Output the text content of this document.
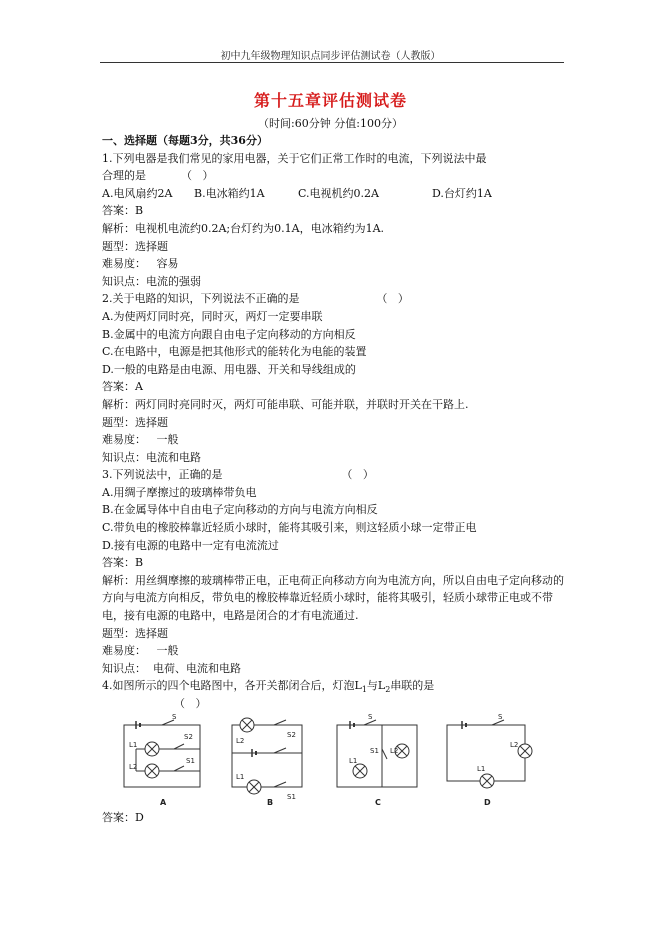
初中九年级物理知识点同步评估测试卷（人教版）
第十五章评估测试卷
（时间:60分钟 分值:100分）
一、选择题（每题3分，共36分）
1.下列电器是我们常见的家用电器，关于它们正常工作时的电流，下列说法中最
合理的是          （   ）
A.电风扇约2A	B.电冰箱约1A	C.电视机约0.2A	D.台灯约1A
答案：B
解析：电视机电流约0.2A;台灯约为0.1A，电冰箱约为1A.
题型：选择题
难易度：   容易
知识点：电流的强弱
2.关于电路的知识，下列说法不正确的是                      （   ）
A.为使两灯同时亮，同时灭，两灯一定要串联
B.金属中的电流方向跟自由电子定向移动的方向相反
C.在电路中，电源是把其他形式的能转化为电能的装置
D.一般的电路是由电源、用电器、开关和导线组成的
答案：A
解析：两灯同时亮同时灭，两灯可能串联、可能并联，并联时开关在干路上.
题型：选择题
难易度：   一般
知识点：电流和电路
3.下列说法中，正确的是                                  （   ）
A.用绸子摩擦过的玻璃棒带负电
B.在金属导体中自由电子定向移动的方向与电流方向相反
C.带负电的橡胶棒靠近轻质小球时，能将其吸引来，则这轻质小球一定带正电
D.接有电源的电路中一定有电流流过
答案：B
解析：用丝绸摩擦的玻璃棒带正电，正电荷正向移动方向为电流方向，所以自由电子定向移动的方向与电流方向相反，带负电的橡胶棒靠近轻质小球时，能将其吸引，轻质小球带正电或不带电，接有电源的电路中，电路是闭合的才有电流通过.
题型：选择题
难易度：   一般
知识点：  电荷、电流和电路
4.如图所示的四个电路图中，各开关都闭合后，灯泡$L_1$与$L_2$串联的是
（   ）
L1
S2
S1
S
L2
L2
S2
L1
S1
S
S1 L2
L1
S
L2
L1
A	B	C	D
答案：D
